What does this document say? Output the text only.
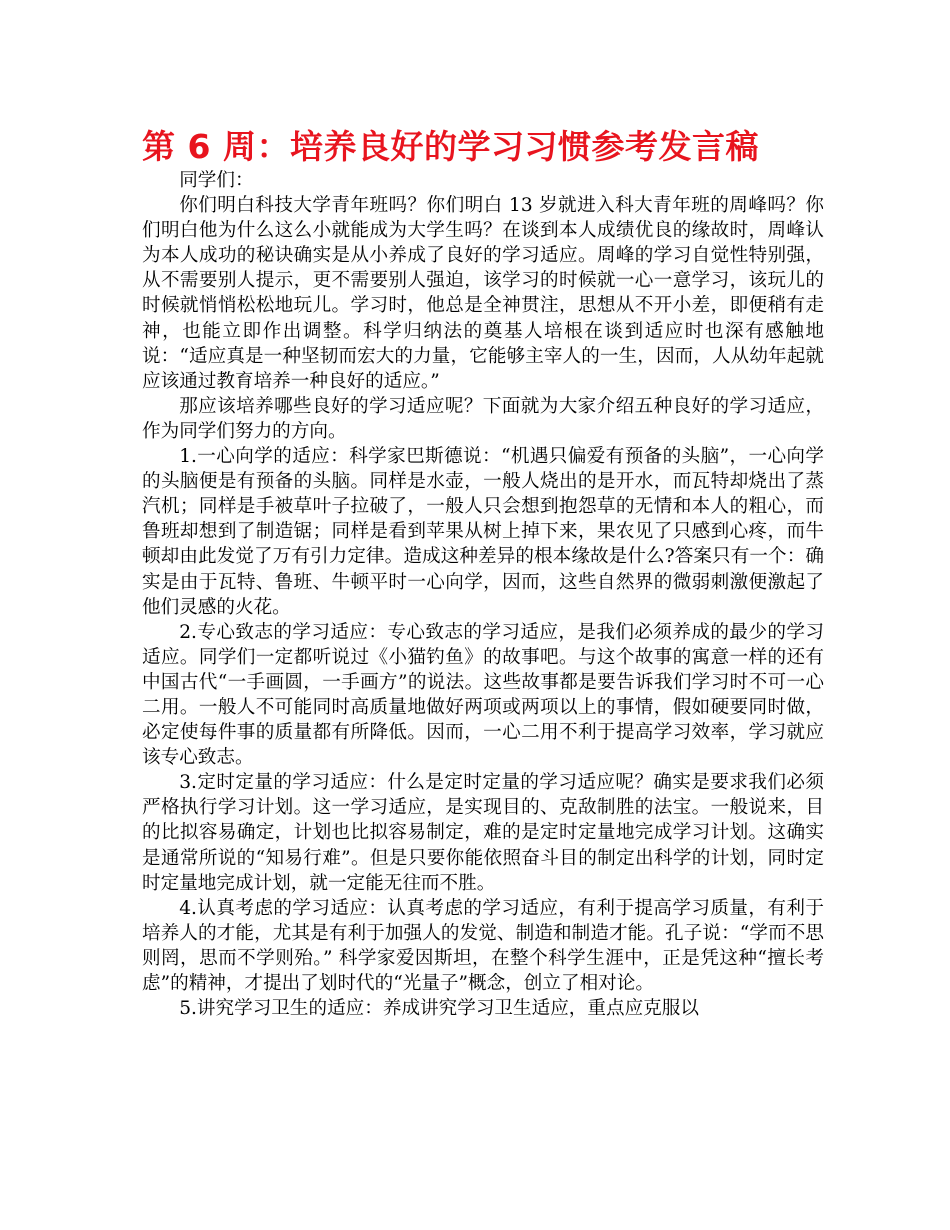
第 6 周：培养良好的学习习惯参考发言稿

同学们：

你们明白科技大学青年班吗？你们明白 13 岁就进入科大青年班的周峰吗？你们明白他为什么这么小就能成为大学生吗？在谈到本人成绩优良的缘故时，周峰认为本人成功的秘诀确实是从小养成了良好的学习适应。周峰的学习自觉性特别强，从不需要别人提示，更不需要别人强迫，该学习的时候就一心一意学习，该玩儿的时候就悄悄松松地玩儿。学习时，他总是全神贯注，思想从不开小差，即便稍有走神，也能立即作出调整。科学归纳法的奠基人培根在谈到适应时也深有感触地说：“适应真是一种坚韧而宏大的力量，它能够主宰人的一生，因而，人从幼年起就应该通过教育培养一种良好的适应。”

那应该培养哪些良好的学习适应呢？下面就为大家介绍五种良好的学习适应，作为同学们努力的方向。

1.一心向学的适应：科学家巴斯德说：“机遇只偏爱有预备的头脑”，一心向学的头脑便是有预备的头脑。同样是水壶，一般人烧出的是开水，而瓦特却烧出了蒸汽机；同样是手被草叶子拉破了，一般人只会想到抱怨草的无情和本人的粗心，而鲁班却想到了制造锯；同样是看到苹果从树上掉下来，果农见了只感到心疼，而牛顿却由此发觉了万有引力定律。造成这种差异的根本缘故是什么?答案只有一个：确实是由于瓦特、鲁班、牛顿平时一心向学，因而，这些自然界的微弱刺激便激起了他们灵感的火花。

2.专心致志的学习适应：专心致志的学习适应，是我们必须养成的最少的学习适应。同学们一定都听说过《小猫钓鱼》的故事吧。与这个故事的寓意一样的还有中国古代“一手画圆，一手画方”的说法。这些故事都是要告诉我们学习时不可一心二用。一般人不可能同时高质量地做好两项或两项以上的事情，假如硬要同时做，必定使每件事的质量都有所降低。因而，一心二用不利于提高学习效率，学习就应该专心致志。

3.定时定量的学习适应：什么是定时定量的学习适应呢？确实是要求我们必须严格执行学习计划。这一学习适应，是实现目的、克敌制胜的法宝。一般说来，目的比拟容易确定，计划也比拟容易制定，难的是定时定量地完成学习计划。这确实是通常所说的“知易行难”。但是只要你能依照奋斗目的制定出科学的计划，同时定时定量地完成计划，就一定能无往而不胜。

4.认真考虑的学习适应：认真考虑的学习适应，有利于提高学习质量，有利于培养人的才能，尤其是有利于加强人的发觉、制造和制造才能。孔子说：“学而不思则罔，思而不学则殆。” 科学家爱因斯坦，在整个科学生涯中，正是凭这种“擅长考虑”的精神，才提出了划时代的“光量子”概念，创立了相对论。

5.讲究学习卫生的适应：养成讲究学习卫生适应，重点应克服以
